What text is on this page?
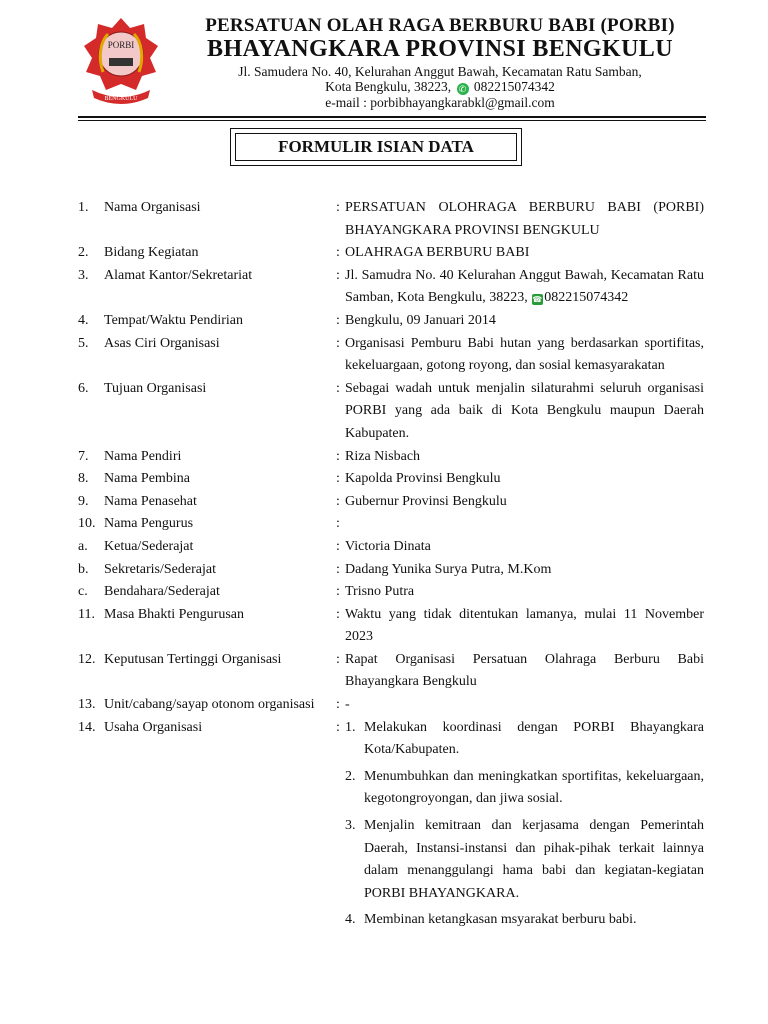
PORBI
BENGKULU
PERSATUAN OLAH RAGA BERBURU BABI (PORBI)
BHAYANGKARA PROVINSI BENGKULU
Jl. Samudera No. 40, Kelurahan Anggut Bawah, Kecamatan Ratu Samban,
Kota Bengkulu, 38223, ✆ 082215074342
e-mail : porbibhayangkarabkl@gmail.com
FORMULIR ISIAN DATA
1. Nama Organisasi	: PERSATUAN OLOHRAGA BERBURU BABI (PORBI) BHAYANGKARA PROVINSI BENGKULU
2. Bidang Kegiatan	: OLAHRAGA BERBURU BABI
3. Alamat Kantor/Sekretariat	: Jl. Samudra No. 40 Kelurahan Anggut Bawah, Kecamatan Ratu Samban, Kota Bengkulu, 38223, ☎ 082215074342
4. Tempat/Waktu Pendirian	: Bengkulu, 09 Januari 2014
5. Asas Ciri Organisasi	: Organisasi Pemburu Babi hutan yang berdasarkan sportifitas, kekeluargaan, gotong royong, dan sosial kemasyarakatan
6. Tujuan Organisasi	: Sebagai wadah untuk menjalin silaturahmi seluruh organisasi PORBI yang ada baik di Kota Bengkulu maupun Daerah Kabupaten.
7. Nama Pendiri	: Riza Nisbach
8. Nama Pembina	: Kapolda Provinsi Bengkulu
9. Nama Penasehat	: Gubernur Provinsi Bengkulu
10. Nama Pengurus	:

a. Ketua/Sederajat	: Victoria Dinata
b. Sekretaris/Sederajat	: Dadang Yunika Surya Putra, M.Kom
c. Bendahara/Sederajat	: Trisno Putra
11. Masa Bhakti Pengurusan	: Waktu yang tidak ditentukan lamanya, mulai 11 November 2023
12. Keputusan Tertinggi Organisasi	: Rapat Organisasi Persatuan Olahraga Berburu Babi Bhayangkara Bengkulu
13. Unit/cabang/sayap otonom organisasi : -
14. Usaha Organisasi	:
1. Melakukan koordinasi dengan PORBI Bhayangkara Kota/Kabupaten.
2. Menumbuhkan dan meningkatkan sportifitas, kekeluargaan, kegotongroyongan, dan jiwa sosial.
3. Menjalin kemitraan dan kerjasama dengan Pemerintah Daerah, Instansi-instansi dan pihak-pihak terkait lainnya dalam menanggulangi hama babi dan kegiatan-kegiatan PORBI BHAYANGKARA.
4. Membinan ketangkasan msyarakat berburu babi.
